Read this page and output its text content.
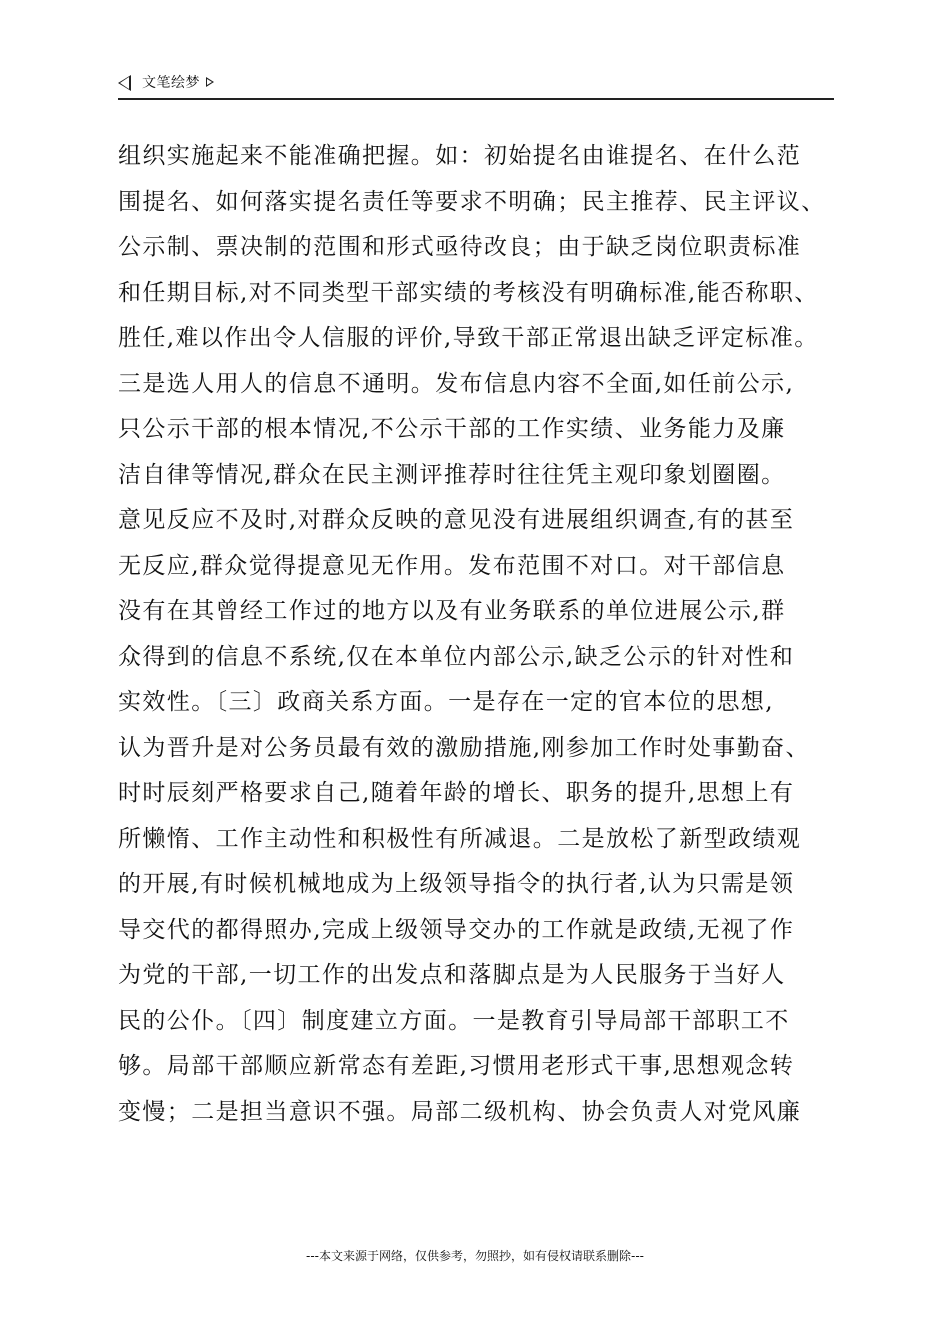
文笔绘梦
组织实施起来不能准确把握。如：初始提名由谁提名、在什么范
围提名、如何落实提名责任等要求不明确；民主推荐、民主评议、
公示制、票决制的范围和形式亟待改良；由于缺乏岗位职责标准
和任期目标,对不同类型干部实绩的考核没有明确标准,能否称职、
胜任,难以作出令人信服的评价,导致干部正常退出缺乏评定标准。
三是选人用人的信息不通明。发布信息内容不全面,如任前公示,
只公示干部的根本情况,不公示干部的工作实绩、业务能力及廉
洁自律等情况,群众在民主测评推荐时往往凭主观印象划圈圈。
意见反应不及时,对群众反映的意见没有进展组织调查,有的甚至
无反应,群众觉得提意见无作用。发布范围不对口。对干部信息
没有在其曾经工作过的地方以及有业务联系的单位进展公示,群
众得到的信息不系统,仅在本单位内部公示,缺乏公示的针对性和
实效性。〔三〕政商关系方面。一是存在一定的官本位的思想,
认为晋升是对公务员最有效的激励措施,刚参加工作时处事勤奋、
时时辰刻严格要求自己,随着年龄的增长、职务的提升,思想上有
所懒惰、工作主动性和积极性有所减退。二是放松了新型政绩观
的开展,有时候机械地成为上级领导指令的执行者,认为只需是领
导交代的都得照办,完成上级领导交办的工作就是政绩,无视了作
为党的干部,一切工作的出发点和落脚点是为人民服务于当好人
民的公仆。〔四〕制度建立方面。一是教育引导局部干部职工不
够。局部干部顺应新常态有差距,习惯用老形式干事,思想观念转
变慢；二是担当意识不强。局部二级机构、协会负责人对党风廉
---本文来源于网络，仅供参考，勿照抄，如有侵权请联系删除---
